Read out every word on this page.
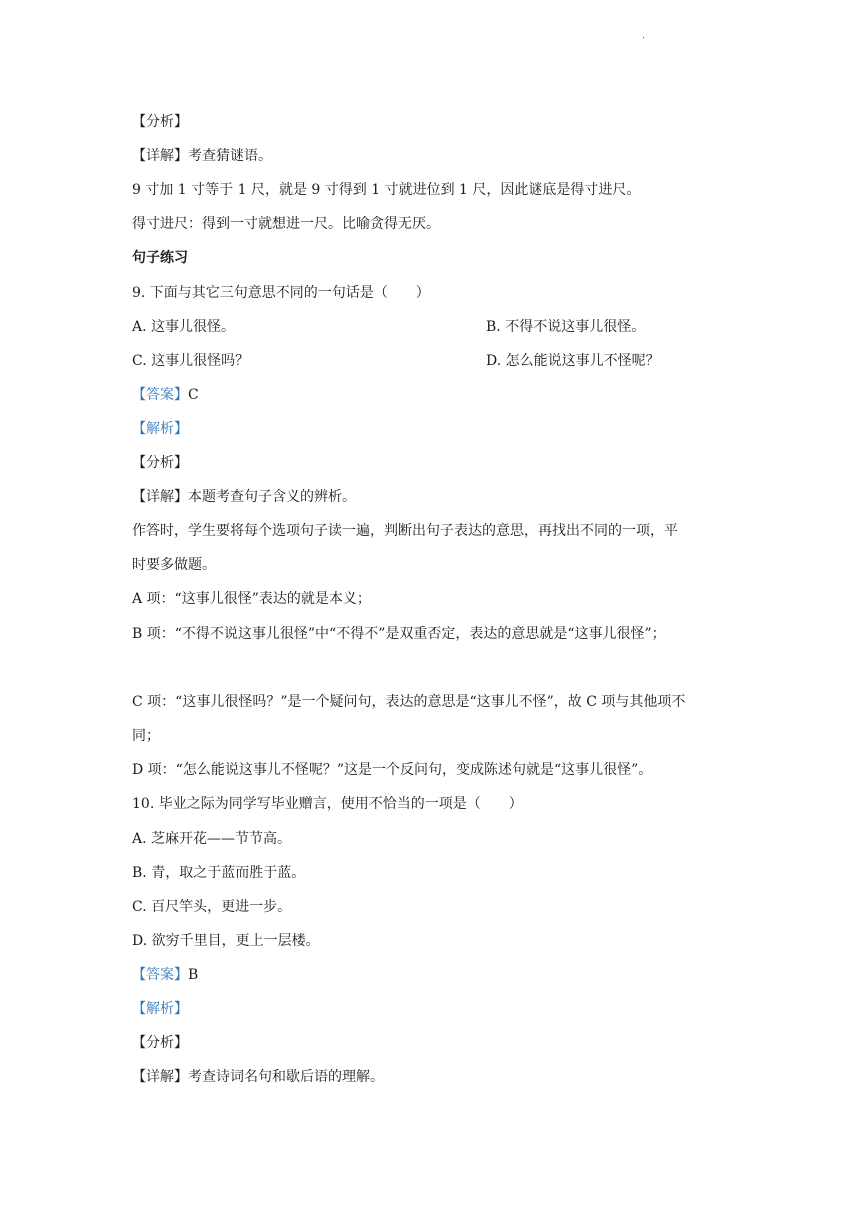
.
【分析】
【详解】考查猜谜语。
9 寸加 1 寸等于 1 尺，就是 9 寸得到 1 寸就进位到 1 尺，因此谜底是得寸进尺。
得寸进尺：得到一寸就想进一尺。比喻贪得无厌。
句子练习
9. 下面与其它三句意思不同的一句话是（　　）
A. 这事儿很怪。	B. 不得不说这事儿很怪。
C. 这事儿很怪吗？	D. 怎么能说这事儿不怪呢？
【答案】C
【解析】
【分析】
【详解】本题考查句子含义的辨析。
作答时，学生要将每个选项句子读一遍，判断出句子表达的意思，再找出不同的一项，平
时要多做题。
A 项：“这事儿很怪”表达的就是本义；
B 项：“不得不说这事儿很怪”中“不得不”是双重否定，表达的意思就是“这事儿很怪”；
C 项：“这事儿很怪吗？”是一个疑问句，表达的意思是“这事儿不怪”，故 C 项与其他项不
同；
D 项：“怎么能说这事儿不怪呢？”这是一个反问句，变成陈述句就是“这事儿很怪”。
10. 毕业之际为同学写毕业赠言，使用不恰当的一项是（　　）
A. 芝麻开花——节节高。
B. 青，取之于蓝而胜于蓝。
C. 百尺竿头，更进一步。
D. 欲穷千里目，更上一层楼。
【答案】B
【解析】
【分析】
【详解】考查诗词名句和歇后语的理解。
